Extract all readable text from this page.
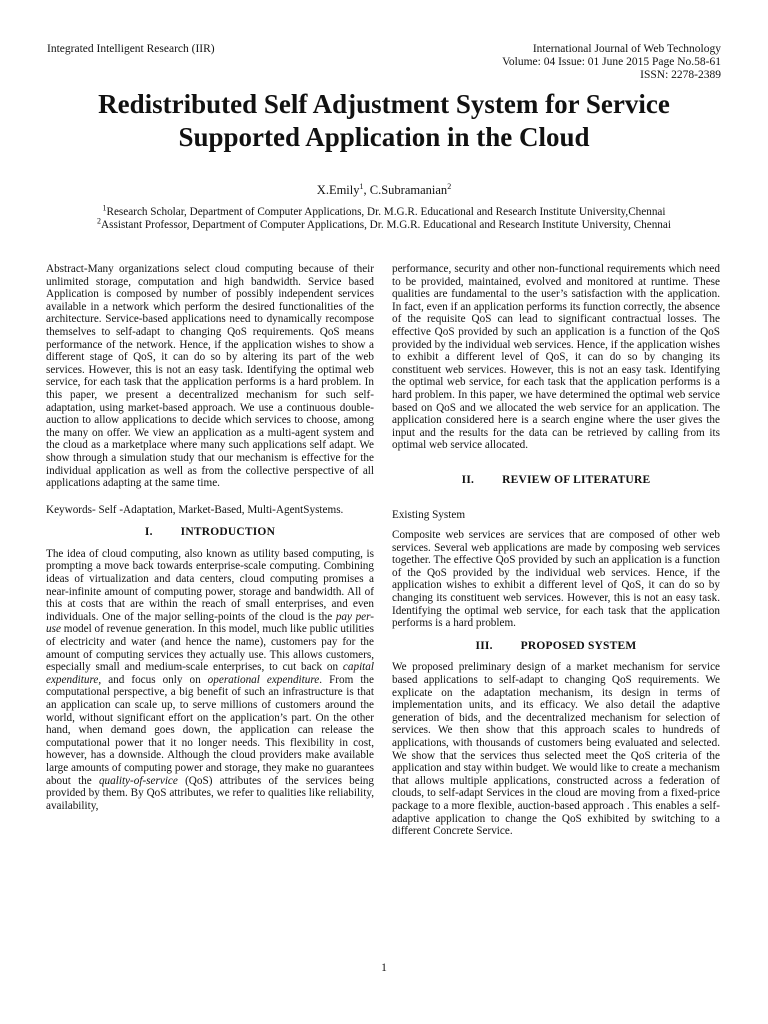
Integrated Intelligent Research (IIR)	International Journal of Web Technology
Volume: 04 Issue: 01 June 2015 Page No.58-61
ISSN: 2278-2389
Redistributed Self Adjustment System for Service Supported Application in the Cloud
X.Emily$^1$, C.Subramanian$^2$
$^1$Research Scholar, Department of Computer Applications, Dr. M.G.R. Educational and Research Institute University,Chennai
$^2$Assistant Professor, Department of Computer Applications, Dr. M.G.R. Educational and Research Institute University, Chennai

Abstract-Many organizations select cloud computing because of their unlimited storage, computation and high bandwidth. Service based Application is composed by number of possibly independent services available in a network which perform the desired functionalities of the architecture. Service-based applications need to dynamically recompose themselves to self-adapt to changing QoS requirements. QoS means performance of the network. Hence, if the application wishes to show a different stage of QoS, it can do so by altering its part of the web services. However, this is not an easy task. Identifying the optimal web service, for each task that the application performs is a hard problem. In this paper, we present a decentralized mechanism for such self-adaptation, using market-based approach. We use a continuous double-auction to allow applications to decide which services to choose, among the many on offer. We view an application as a multi-agent system and the cloud as a marketplace where many such applications self adapt. We show through a simulation study that our mechanism is effective for the individual application as well as from the collective perspective of all applications adapting at the same time.

Keywords- Self -Adaptation, Market-Based, Multi-AgentSystems.

I. INTRODUCTION

The idea of cloud computing, also known as utility based computing, is prompting a move back towards enterprise-scale computing. Combining ideas of virtualization and data centers, cloud computing promises a near-infinite amount of computing power, storage and bandwidth. All of this at costs that are within the reach of small enterprises, and even individuals. One of the major selling-points of the cloud is the pay per- use model of revenue generation. In this model, much like public utilities of electricity and water (and hence the name), customers pay for the amount of computing services they actually use. This allows customers, especially small and medium-scale enterprises, to cut back on capital expenditure, and focus only on operational expenditure. From the computational perspective, a big benefit of such an infrastructure is that an application can scale up, to serve millions of customers around the world, without significant effort on the application’s part. On the other hand, when demand goes down, the application can release the computational power that it no longer needs. This flexibility in cost, however, has a downside. Although the cloud providers make available large amounts of computing power and storage, they make no guarantees about the quality-of-service (QoS) attributes of the services being provided by them. By QoS attributes, we refer to qualities like reliability, availability,

performance, security and other non-functional requirements which need to be provided, maintained, evolved and monitored at runtime. These qualities are fundamental to the user’s satisfaction with the application. In fact, even if an application performs its function correctly, the absence of the requisite QoS can lead to significant contractual losses. The effective QoS provided by such an application is a function of the QoS provided by the individual web services. Hence, if the application wishes to exhibit a different level of QoS, it can do so by changing its constituent web services. However, this is not an easy task. Identifying the optimal web service, for each task that the application performs is a hard problem. In this paper, we have determined the optimal web service based on QoS and we allocated the web service for an application. The application considered here is a search engine where the user gives the input and the results for the data can be retrieved by calling from its optimal web service allocated.

II. REVIEW OF LITERATURE

Existing System

Composite web services are services that are composed of other web services. Several web applications are made by composing web services together. The effective QoS provided by such an application is a function of the QoS provided by the individual web services. Hence, if the application wishes to exhibit a different level of QoS, it can do so by changing its constituent web services. However, this is not an easy task. Identifying the optimal web service, for each task that the application performs is a hard problem.

III. PROPOSED SYSTEM

We proposed preliminary design of a market mechanism for service based applications to self-adapt to changing QoS requirements. We explicate on the adaptation mechanism, its design in terms of implementation units, and its efficacy. We also detail the adaptive generation of bids, and the decentralized mechanism for selection of services. We then show that this approach scales to hundreds of applications, with thousands of customers being evaluated and selected. We show that the services thus selected meet the QoS criteria of the application and stay within budget. We would like to create a mechanism that allows multiple applications, constructed across a federation of clouds, to self-adapt Services in the cloud are moving from a fixed-price package to a more flexible, auction-based approach . This enables a self-adaptive application to change the QoS exhibited by switching to a different Concrete Service.

1
